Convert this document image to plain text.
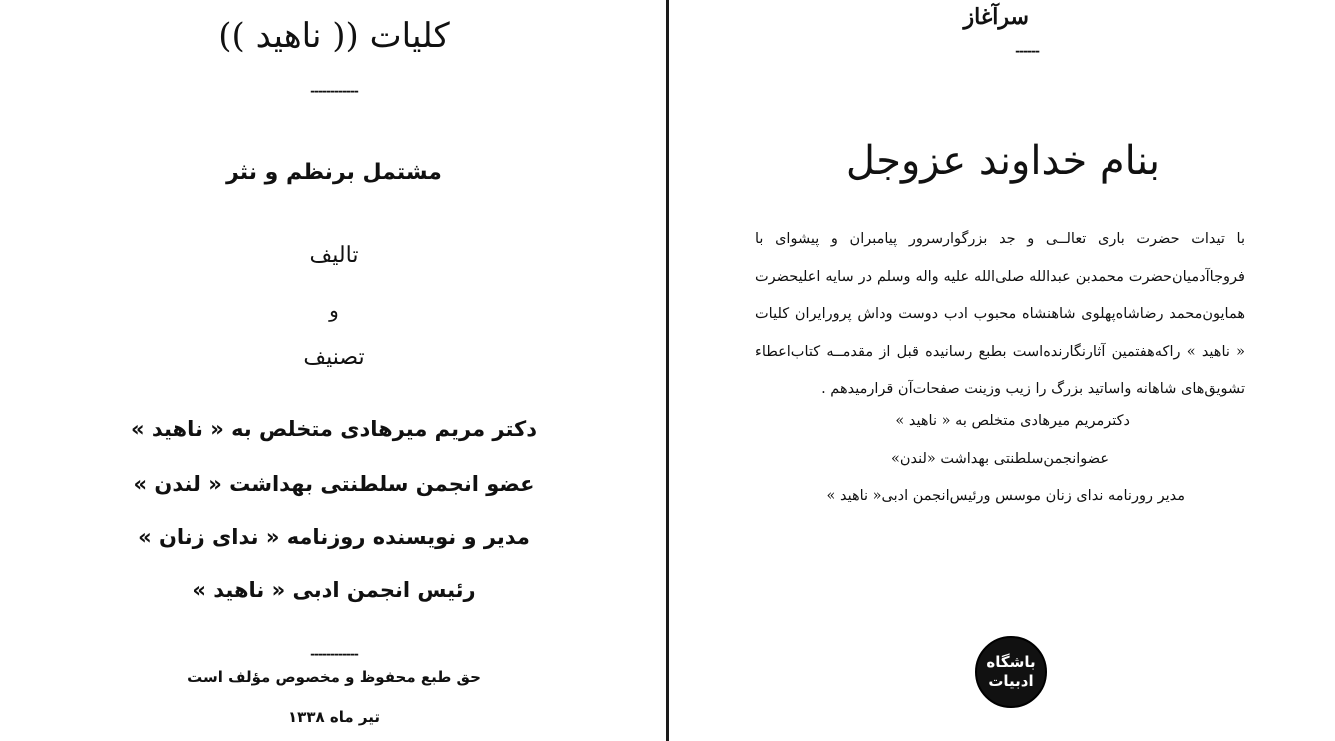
کلیات (( ناهید ))
------------
مشتمل برنظم و نثر
تالیف
و
تصنیف
دکتر مریم میرهادی متخلص به « ناهید »
عضو انجمن سلطنتی بهداشت « لندن »
مدیر و نویسنده روزنامه « ندای زنان »
رئیس انجمن ادبی « ناهید »
------------
حق طبع محفوظ و مخصوص مؤلف است
تیر ماه ۱۳۳۸
سرآغاز
------
بنام خداوند عزوجل
با تیدات حضرت باری تعالــی و جد بزرگوارسرور پیامبران و پیشوای با
فروجاآدمیان‌حضرت محمدبن عبدالله صلی‌الله علیه واله وسلم در سایه اعلیحضرت
همایون‌محمد رضاشاه‌پهلوی شاهنشاه محبوب ادب دوست وداش پرورایران کلیات
« ناهید » راکه‌هفتمین آثارنگارنده‌است بطبع رسانیده قبل از مقدمــه کتاب‌اعطاء
تشویق‌های شاهانه واساتید بزرگ را زیب وزینت صفحات‌آن قرارمیدهم .
دکترمریم میرهادی متخلص به « ناهید »
عضوانجمن‌سلطنتی بهداشت «لندن»
مدیر رورنامه ندای زنان موسس ورئیس‌انجمن ادبی« ناهید »
باشگاه
ادبیات
